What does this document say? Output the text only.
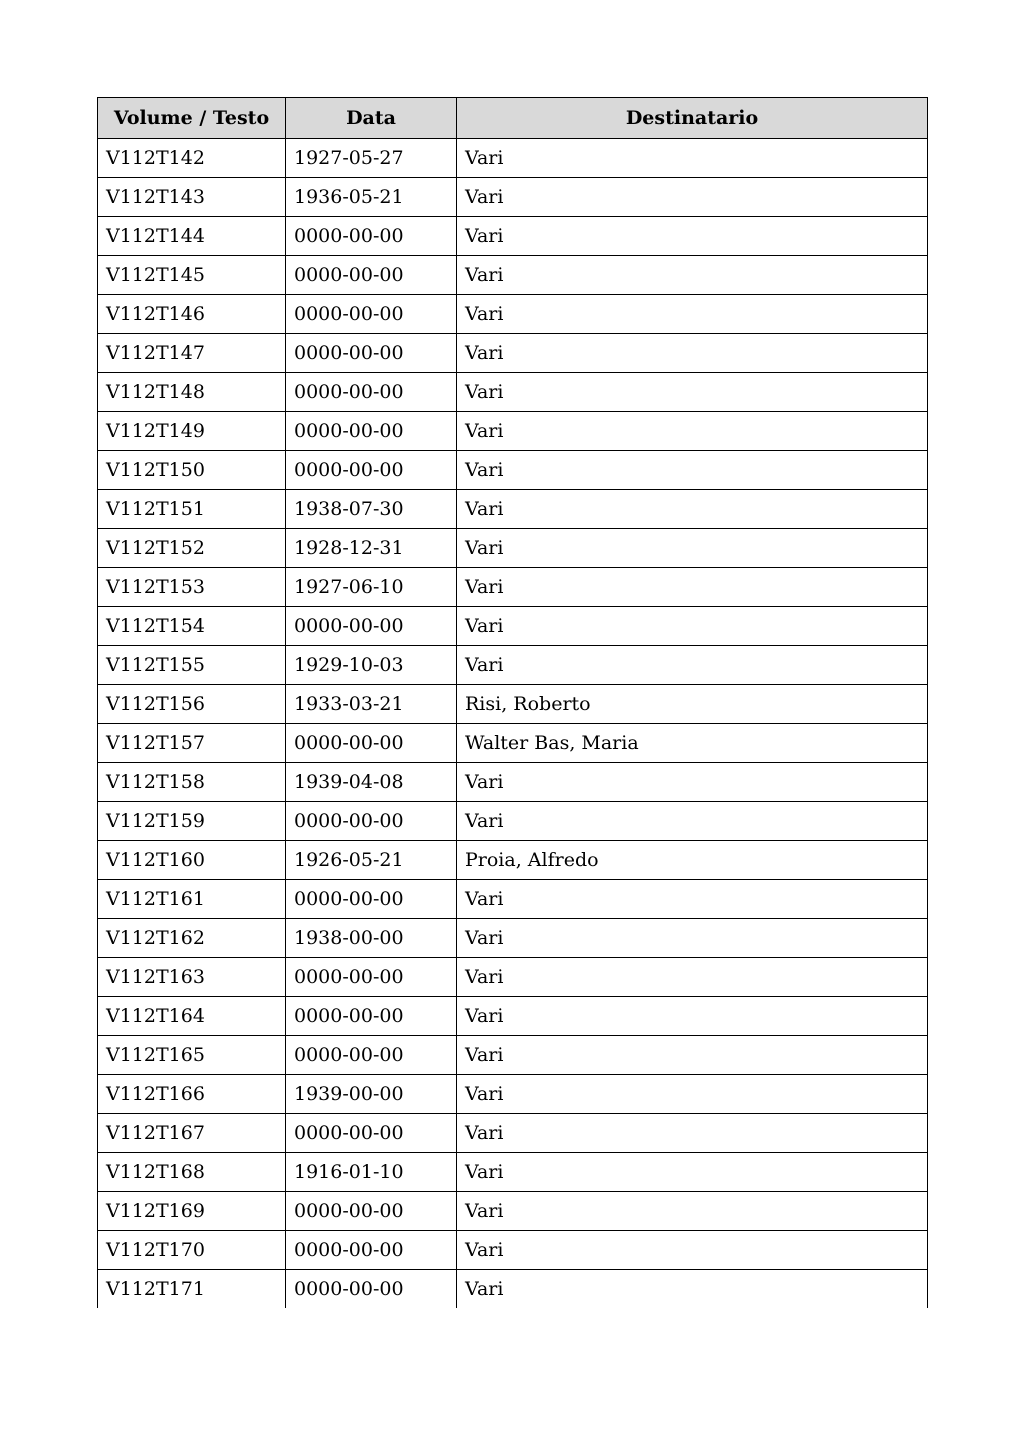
Volume / Testo	Data	Destinatario
V112T142	1927-05-27	Vari
V112T143	1936-05-21	Vari
V112T144	0000-00-00	Vari
V112T145	0000-00-00	Vari
V112T146	0000-00-00	Vari
V112T147	0000-00-00	Vari
V112T148	0000-00-00	Vari
V112T149	0000-00-00	Vari
V112T150	0000-00-00	Vari
V112T151	1938-07-30	Vari
V112T152	1928-12-31	Vari
V112T153	1927-06-10	Vari
V112T154	0000-00-00	Vari
V112T155	1929-10-03	Vari
V112T156	1933-03-21	Risi, Roberto
V112T157	0000-00-00	Walter Bas, Maria
V112T158	1939-04-08	Vari
V112T159	0000-00-00	Vari
V112T160	1926-05-21	Proia, Alfredo
V112T161	0000-00-00	Vari
V112T162	1938-00-00	Vari
V112T163	0000-00-00	Vari
V112T164	0000-00-00	Vari
V112T165	0000-00-00	Vari
V112T166	1939-00-00	Vari
V112T167	0000-00-00	Vari
V112T168	1916-01-10	Vari
V112T169	0000-00-00	Vari
V112T170	0000-00-00	Vari
V112T171	0000-00-00	Vari
